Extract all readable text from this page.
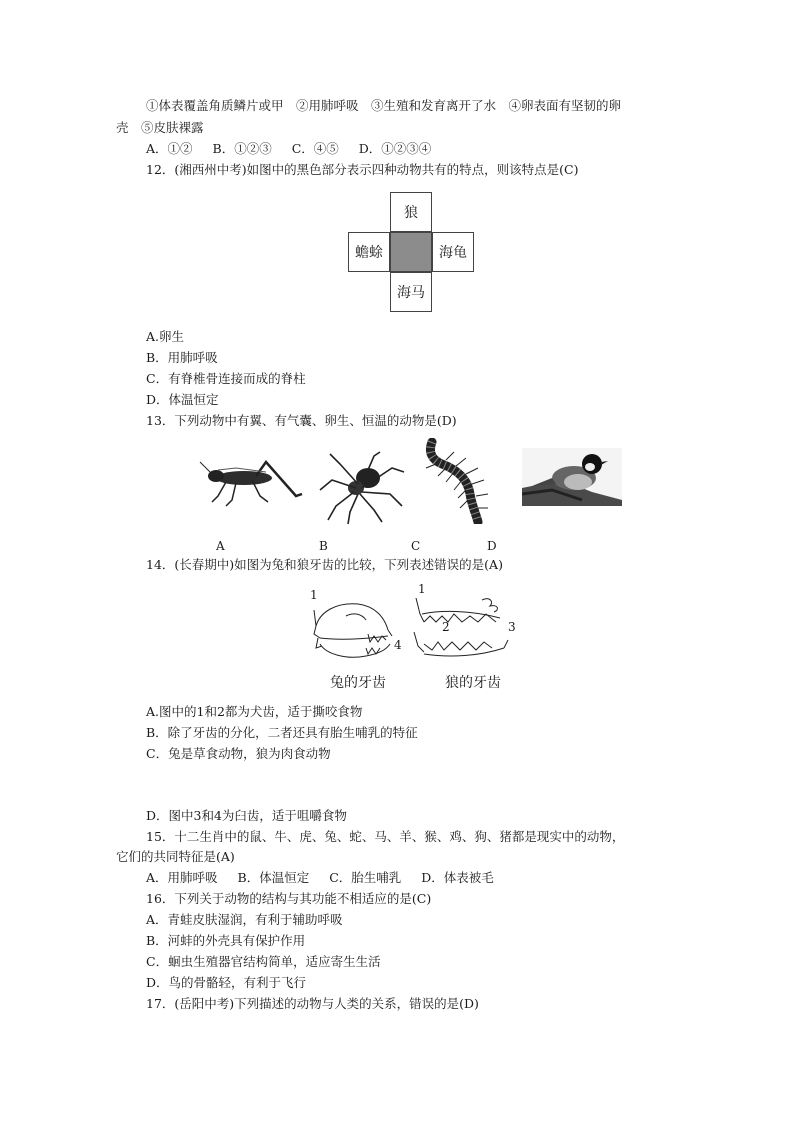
①体表覆盖角质鳞片或甲　②用肺呼吸　③生殖和发育离开了水　④卵表面有坚韧的卵
壳　⑤皮肤裸露
A．①② B．①②③ C．④⑤ D．①②③④
12．(湘西州中考)如图中的黑色部分表示四种动物共有的特点，则该特点是(C)
狼
蟾蜍	海龟
海马
A.卵生
B．用肺呼吸
C．有脊椎骨连接而成的脊柱
D．体温恒定
13．下列动物中有翼、有气囊、卵生、恒温的动物是(D)
A	B	C	D
14．(长春期中)如图为兔和狼牙齿的比较，下列表述错误的是(A)
1
4
1
2	3
兔的牙齿	狼的牙齿
A.图中的1和2都为犬齿，适于撕咬食物
B．除了牙齿的分化，二者还具有胎生哺乳的特征
C．兔是草食动物，狼为肉食动物
D．图中3和4为臼齿，适于咀嚼食物
15．十二生肖中的鼠、牛、虎、兔、蛇、马、羊、猴、鸡、狗、猪都是现实中的动物，
它们的共同特征是(A)
A．用肺呼吸 B．体温恒定 C．胎生哺乳 D．体表被毛
16．下列关于动物的结构与其功能不相适应的是(C)
A．青蛙皮肤湿润，有利于辅助呼吸
B．河蚌的外壳具有保护作用
C．蛔虫生殖器官结构简单，适应寄生生活
D．鸟的骨骼轻，有利于飞行
17．(岳阳中考)下列描述的动物与人类的关系，错误的是(D)
